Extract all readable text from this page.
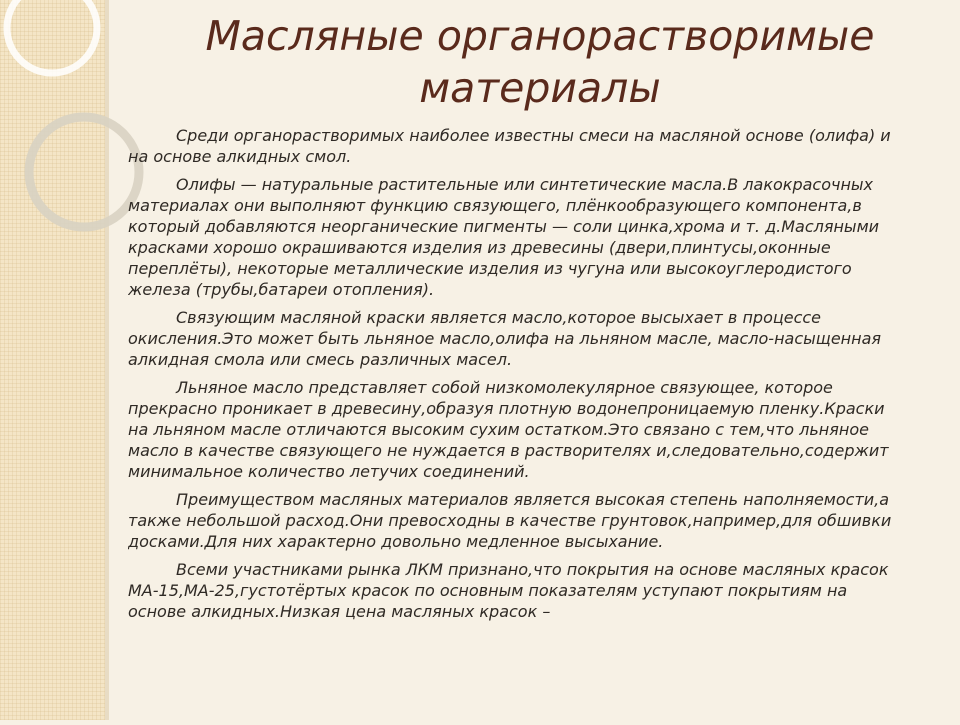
Масляные органорастворимые материалы

Среди органорастворимых наиболее известны смеси на масляной основе (олифа) и на основе алкидных смол.

Олифы — натуральные растительные или синтетические масла.В лакокрасочных материалах они выполняют функцию связующего, плёнкообразующего компонента,в который добавляются неорганические пигменты — соли цинка,хрома и т. д.Масляными красками хорошо окрашиваются изделия из древесины (двери,плинтусы,оконные переплёты), некоторые металлические изделия из чугуна или высокоуглеродистого железа (трубы,батареи отопления).

Связующим масляной краски является масло,которое высыхает в процессе окисления.Это может быть льняное масло,олифа на льняном масле, масло-насыщенная алкидная смола или смесь различных масел.

Льняное масло представляет собой низкомолекулярное связующее, которое прекрасно проникает в древесину,образуя плотную водонепроницаемую пленку.Краски на льняном масле отличаются высоким сухим остатком.Это связано с тем,что льняное масло в качестве связующего не нуждается в растворителях и,следовательно,содержит минимальное количество летучих соединений.

Преимуществом масляных материалов является высокая степень наполняемости,а также небольшой расход.Они превосходны в качестве грунтовок,например,для обшивки досками.Для них характерно довольно медленное высыхание.

Всеми участниками рынка ЛКМ признано,что покрытия на основе масляных красок МА-15,МА-25,густотёртых красок по основным показателям уступают покрытиям на основе алкидных.Низкая цена масляных красок –
